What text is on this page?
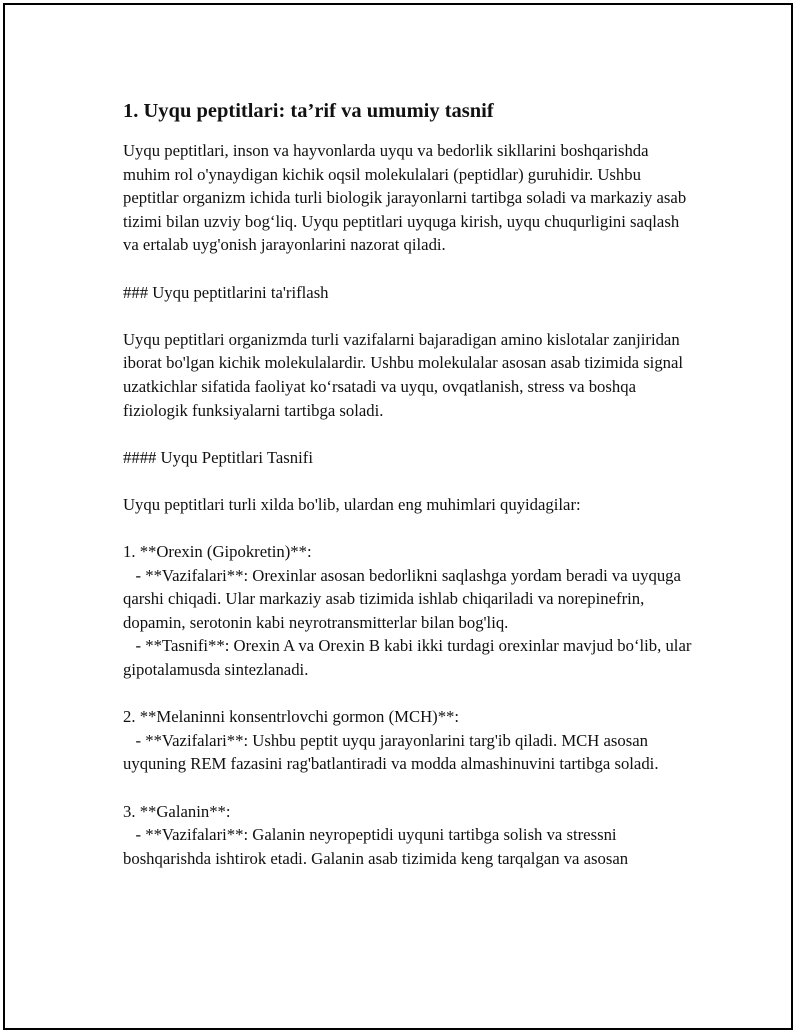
1. Uyqu peptitlari: ta’rif va umumiy tasnif

Uyqu peptitlari, inson va hayvonlarda uyqu va bedorlik sikllarini boshqarishda muhim rol o'ynaydigan kichik oqsil molekulalari (peptidlar) guruhidir. Ushbu peptitlar organizm ichida turli biologik jarayonlarni tartibga soladi va markaziy asab tizimi bilan uzviy bog‘liq. Uyqu peptitlari uyquga kirish, uyqu chuqurligini saqlash va ertalab uyg'onish jarayonlarini nazorat qiladi.

### Uyqu peptitlarini ta'riflash

Uyqu peptitlari organizmda turli vazifalarni bajaradigan amino kislotalar zanjiridan iborat bo'lgan kichik molekulalardir. Ushbu molekulalar asosan asab tizimida signal uzatkichlar sifatida faoliyat ko‘rsatadi va uyqu, ovqatlanish, stress va boshqa fiziologik funksiyalarni tartibga soladi.

#### Uyqu Peptitlari Tasnifi

Uyqu peptitlari turli xilda bo'lib, ulardan eng muhimlari quyidagilar:

1. **Orexin (Gipokretin)**:
- **Vazifalari**: Orexinlar asosan bedorlikni saqlashga yordam beradi va uyquga qarshi chiqadi. Ular markaziy asab tizimida ishlab chiqariladi va norepinefrin, dopamin, serotonin kabi neyrotransmitterlar bilan bog'liq.
- **Tasnifi**: Orexin A va Orexin B kabi ikki turdagi orexinlar mavjud bo‘lib, ular gipotalamusda sintezlanadi.

2. **Melaninni konsentrlovchi gormon (MCH)**:
- **Vazifalari**: Ushbu peptit uyqu jarayonlarini targ'ib qiladi. MCH asosan uyquning REM fazasini rag'batlantiradi va modda almashinuvini tartibga soladi.

3. **Galanin**:
- **Vazifalari**: Galanin neyropeptidi uyquni tartibga solish va stressni boshqarishda ishtirok etadi. Galanin asab tizimida keng tarqalgan va asosan
